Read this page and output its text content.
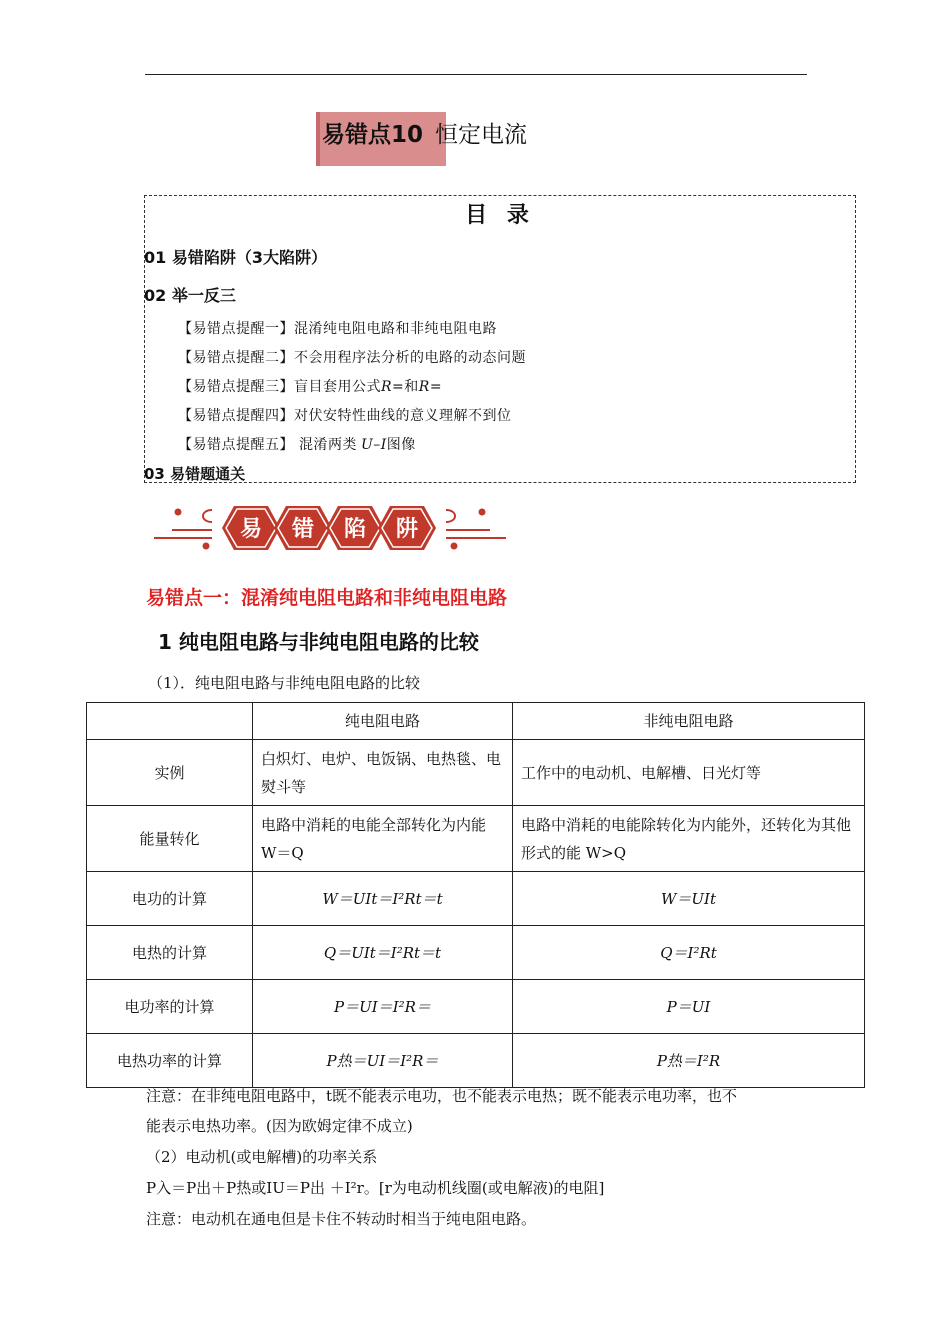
易错点10 恒定电流
目 录
01 易错陷阱（3大陷阱）
02 举一反三
【易错点提醒一】混淆纯电阻电路和非纯电阻电路
【易错点提醒二】不会用程序法分析的电路的动态问题
【易错点提醒三】盲目套用公式R=和R=
【易错点提醒四】对伏安特性曲线的意义理解不到位
【易错点提醒五】 混淆两类 U–I图像
03 易错题通关
易 错 陷 阱
易错点一：混淆纯电阻电路和非纯电阻电路
1 纯电阻电路与非纯电阻电路的比较
（1）．纯电阻电路与非纯电阻电路的比较
	纯电阻电路	非纯电阻电路
实例	白炽灯、电炉、电饭锅、电热毯、电熨斗等	工作中的电动机、电解槽、日光灯等
能量转化	电路中消耗的电能全部转化为内能 W＝Q	电路中消耗的电能除转化为内能外，还转化为其他形式的能 W>Q
电功的计算	W＝UIt＝I²Rt＝t	W＝UIt
电热的计算	Q＝UIt＝I²Rt＝t	Q＝I²Rt
电功率的计算	P＝UI＝I²R＝	P＝UI
电热功率的计算	P热＝UI＝I²R＝	P热＝I²R
注意：在非纯电阻电路中，t既不能表示电功，也不能表示电热；既不能表示电功率，也不
能表示电热功率。(因为欧姆定律不成立)
（2）电动机(或电解槽)的功率关系
P入＝P出＋P热或IU＝P出 ＋I²r。[r为电动机线圈(或电解液)的电阻]
注意：电动机在通电但是卡住不转动时相当于纯电阻电路。
